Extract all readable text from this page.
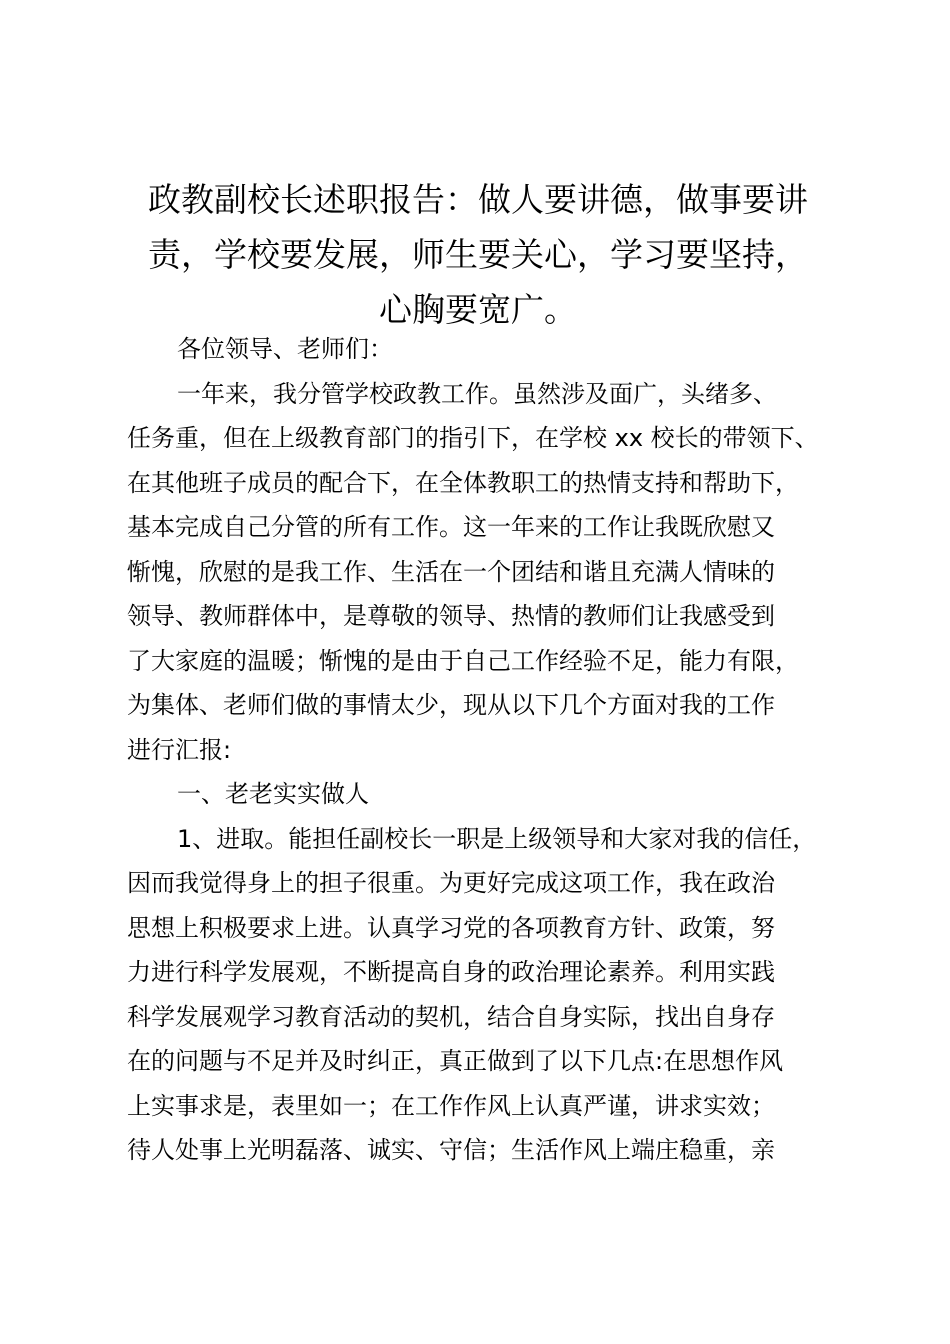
政教副校长述职报告：做人要讲德，做事要讲
责，学校要发展，师生要关心，学习要坚持，
心胸要宽广。
各位领导、老师们：
一年来，我分管学校政教工作。虽然涉及面广，头绪多、
任务重，但在上级教育部门的指引下，在学校 xx 校长的带领下、
在其他班子成员的配合下，在全体教职工的热情支持和帮助下，
基本完成自己分管的所有工作。这一年来的工作让我既欣慰又
惭愧，欣慰的是我工作、生活在一个团结和谐且充满人情味的
领导、教师群体中，是尊敬的领导、热情的教师们让我感受到
了大家庭的温暖；惭愧的是由于自己工作经验不足，能力有限，
为集体、老师们做的事情太少，现从以下几个方面对我的工作
进行汇报:
一、老老实实做人
1、进取。能担任副校长一职是上级领导和大家对我的信任，
因而我觉得身上的担子很重。为更好完成这项工作，我在政治
思想上积极要求上进。认真学习党的各项教育方针、政策，努
力进行科学发展观，不断提高自身的政治理论素养。利用实践
科学发展观学习教育活动的契机，结合自身实际，找出自身存
在的问题与不足并及时纠正，真正做到了以下几点:在思想作风
上实事求是，表里如一；在工作作风上认真严谨，讲求实效；
待人处事上光明磊落、诚实、守信；生活作风上端庄稳重，亲
